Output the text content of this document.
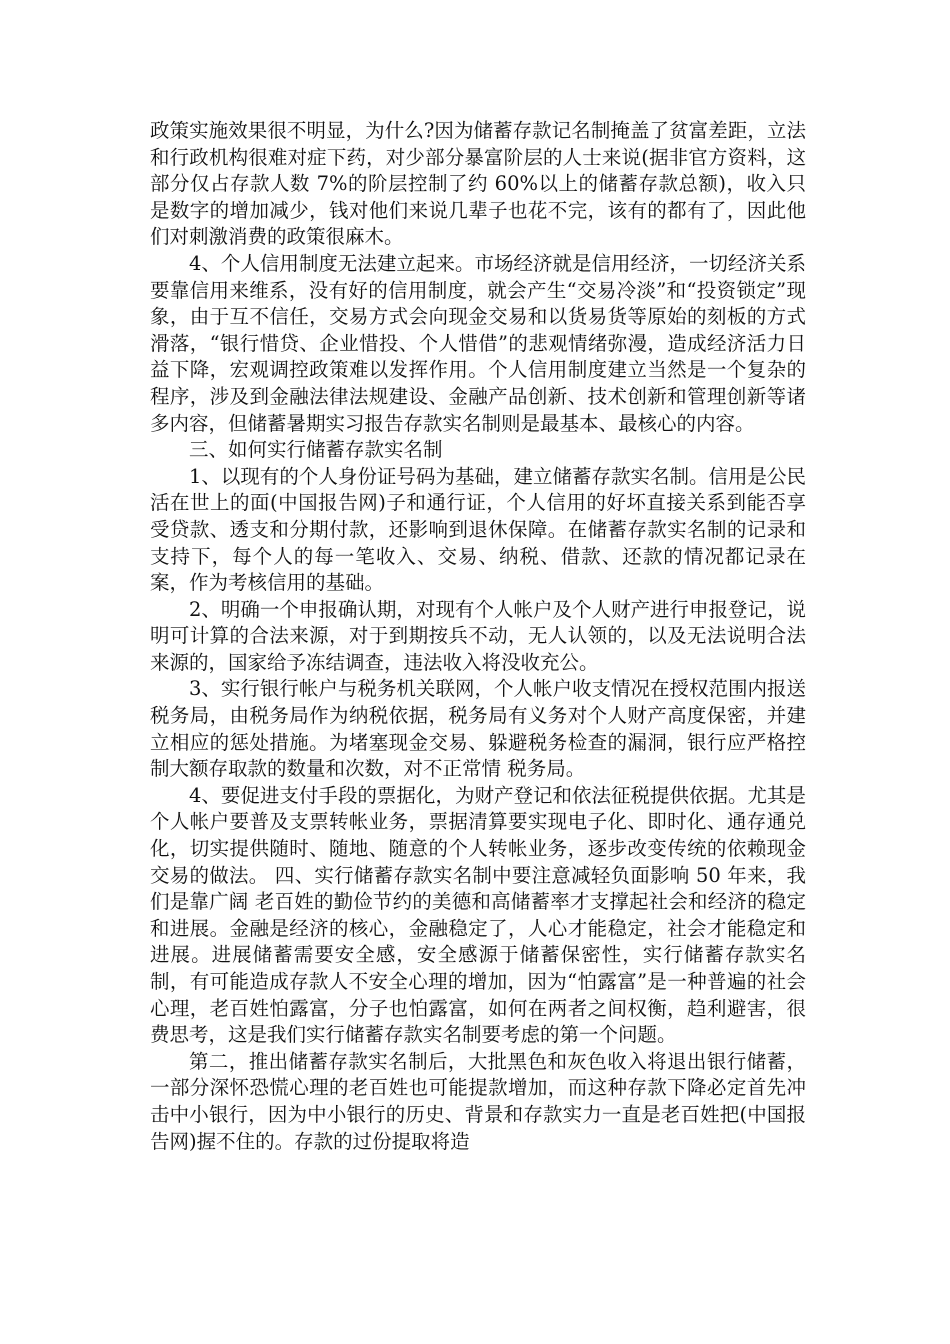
政策实施效果很不明显，为什么?因为储蓄存款记名制掩盖了贫富差距，立法和行政机构很难对症下药，对少部分暴富阶层的人士来说(据非官方资料，这部分仅占存款人数 7%的阶层控制了约 60%以上的储蓄存款总额)，收入只是数字的增加减少，钱对他们来说几辈子也花不完，该有的都有了，因此他们对刺激消费的政策很麻木。

4、个人信用制度无法建立起来。市场经济就是信用经济，一切经济关系要靠信用来维系，没有好的信用制度，就会产生“交易冷淡”和“投资锁定”现象，由于互不信任，交易方式会向现金交易和以货易货等原始的刻板的方式滑落，“银行惜贷、企业惜投、个人惜借”的悲观情绪弥漫，造成经济活力日益下降，宏观调控政策难以发挥作用。个人信用制度建立当然是一个复杂的程序，涉及到金融法律法规建设、金融产品创新、技术创新和管理创新等诸多内容，但储蓄暑期实习报告存款实名制则是最基本、最核心的内容。

三、如何实行储蓄存款实名制

1、以现有的个人身份证号码为基础，建立储蓄存款实名制。信用是公民活在世上的面(中国报告网)子和通行证，个人信用的好坏直接关系到能否享受贷款、透支和分期付款，还影响到退休保障。在储蓄存款实名制的记录和支持下，每个人的每一笔收入、交易、纳税、借款、还款的情况都记录在案，作为考核信用的基础。

2、明确一个申报确认期，对现有个人帐户及个人财产进行申报登记，说明可计算的合法来源，对于到期按兵不动，无人认领的，以及无法说明合法来源的，国家给予冻结调查，违法收入将没收充公。

3、实行银行帐户与税务机关联网，个人帐户收支情况在授权范围内报送税务局，由税务局作为纳税依据，税务局有义务对个人财产高度保密，并建立相应的惩处措施。为堵塞现金交易、躲避税务检查的漏洞，银行应严格控制大额存取款的数量和次数，对不正常情 税务局。

4、要促进支付手段的票据化，为财产登记和依法征税提供依据。尤其是个人帐户要普及支票转帐业务，票据清算要实现电子化、即时化、通存通兑化，切实提供随时、随地、随意的个人转帐业务，逐步改变传统的依赖现金交易的做法。 四、实行储蓄存款实名制中要注意减轻负面影响 50 年来，我们是靠广阔 老百姓的勤俭节约的美德和高储蓄率才支撑起社会和经济的稳定和进展。金融是经济的核心，金融稳定了，人心才能稳定，社会才能稳定和进展。进展储蓄需要安全感，安全感源于储蓄保密性，实行储蓄存款实名制，有可能造成存款人不安全心理的增加，因为“怕露富”是一种普遍的社会心理，老百姓怕露富，分子也怕露富，如何在两者之间权衡，趋利避害，很费思考，这是我们实行储蓄存款实名制要考虑的第一个问题。

第二，推出储蓄存款实名制后，大批黑色和灰色收入将退出银行储蓄，一部分深怀恐慌心理的老百姓也可能提款增加，而这种存款下降必定首先冲击中小银行，因为中小银行的历史、背景和存款实力一直是老百姓把(中国报告网)握不住的。存款的过份提取将造
